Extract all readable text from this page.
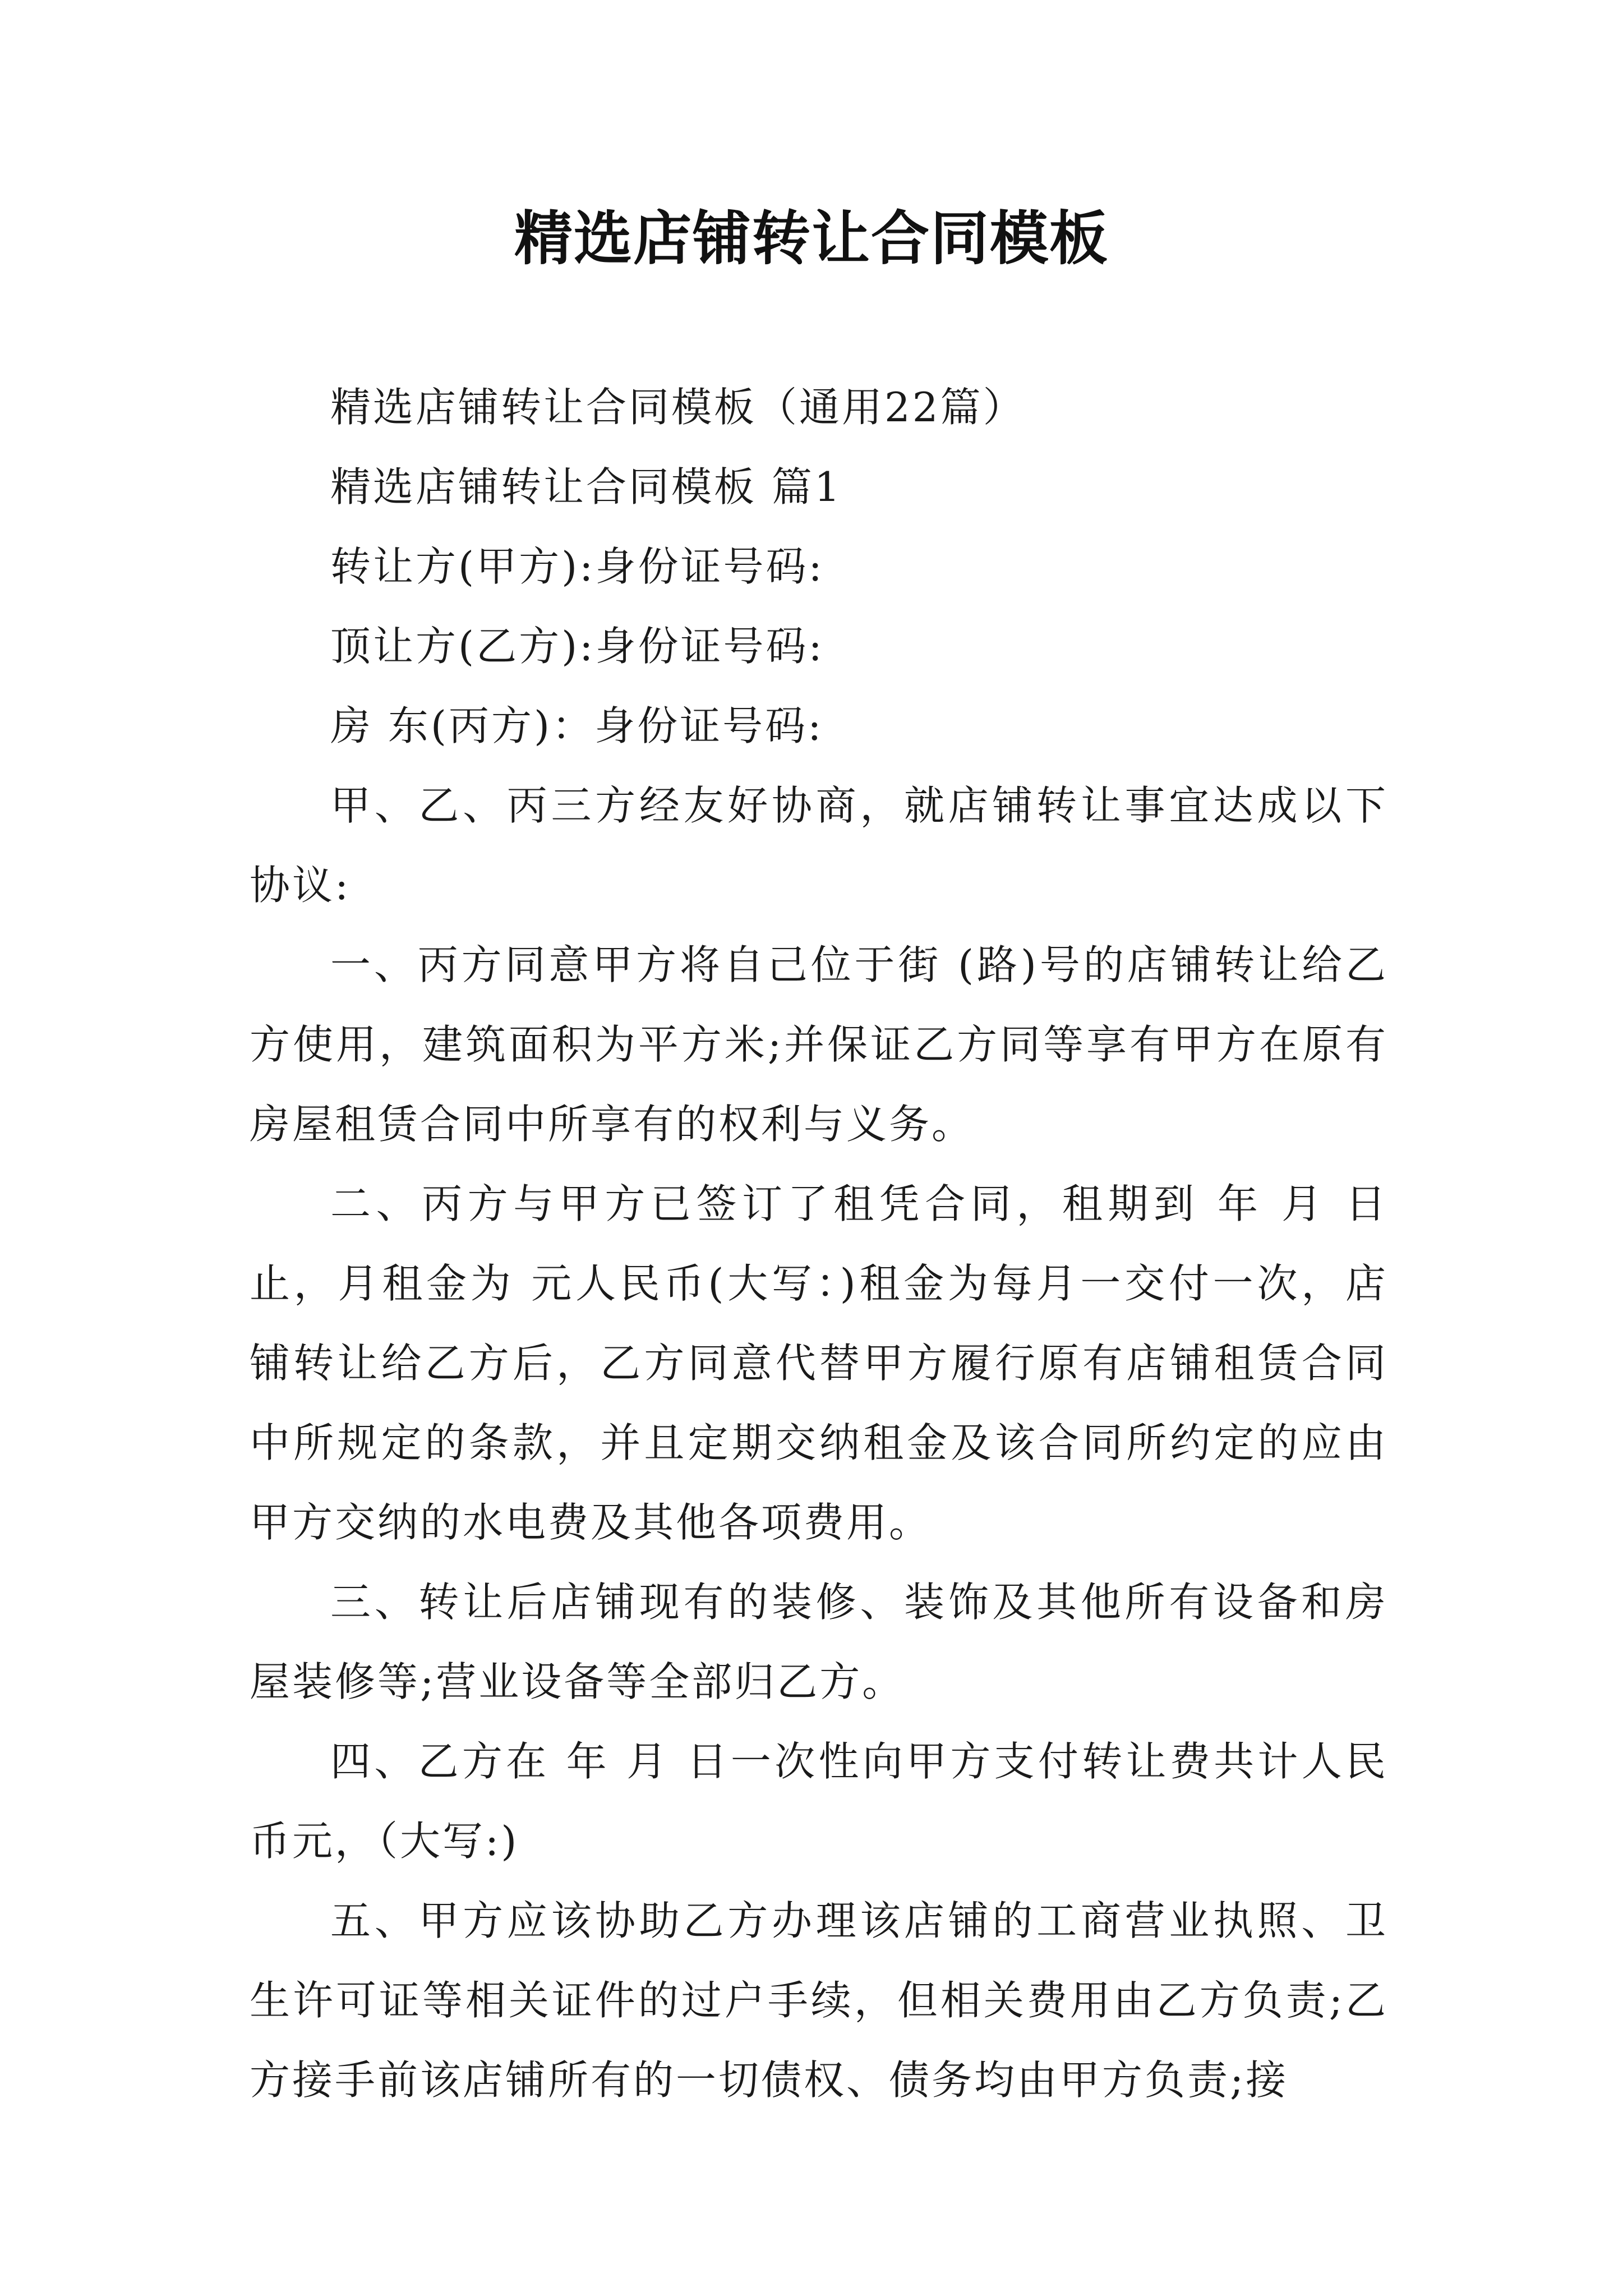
精选店铺转让合同模板

精选店铺转让合同模板（通用22篇）

精选店铺转让合同模板 篇1

转让方(甲方):身份证号码:

顶让方(乙方):身份证号码:

房 东(丙方)：身份证号码:

甲、乙、丙三方经友好协商，就店铺转让事宜达成以下协议:

一、丙方同意甲方将自己位于街 (路)号的店铺转让给乙方使用，建筑面积为平方米;并保证乙方同等享有甲方在原有房屋租赁合同中所享有的权利与义务。

二、丙方与甲方已签订了租凭合同，租期到 年 月 日止，月租金为 元人民币(大写：)租金为每月一交付一次，店铺转让给乙方后，乙方同意代替甲方履行原有店铺租赁合同中所规定的条款，并且定期交纳租金及该合同所约定的应由甲方交纳的水电费及其他各项费用。

三、转让后店铺现有的装修、装饰及其他所有设备和房屋装修等;营业设备等全部归乙方。

四、乙方在 年 月 日一次性向甲方支付转让费共计人民币元，（大写:)

五、甲方应该协助乙方办理该店铺的工商营业执照、卫生许可证等相关证件的过户手续，但相关费用由乙方负责;乙方接手前该店铺所有的一切债权、债务均由甲方负责;接
